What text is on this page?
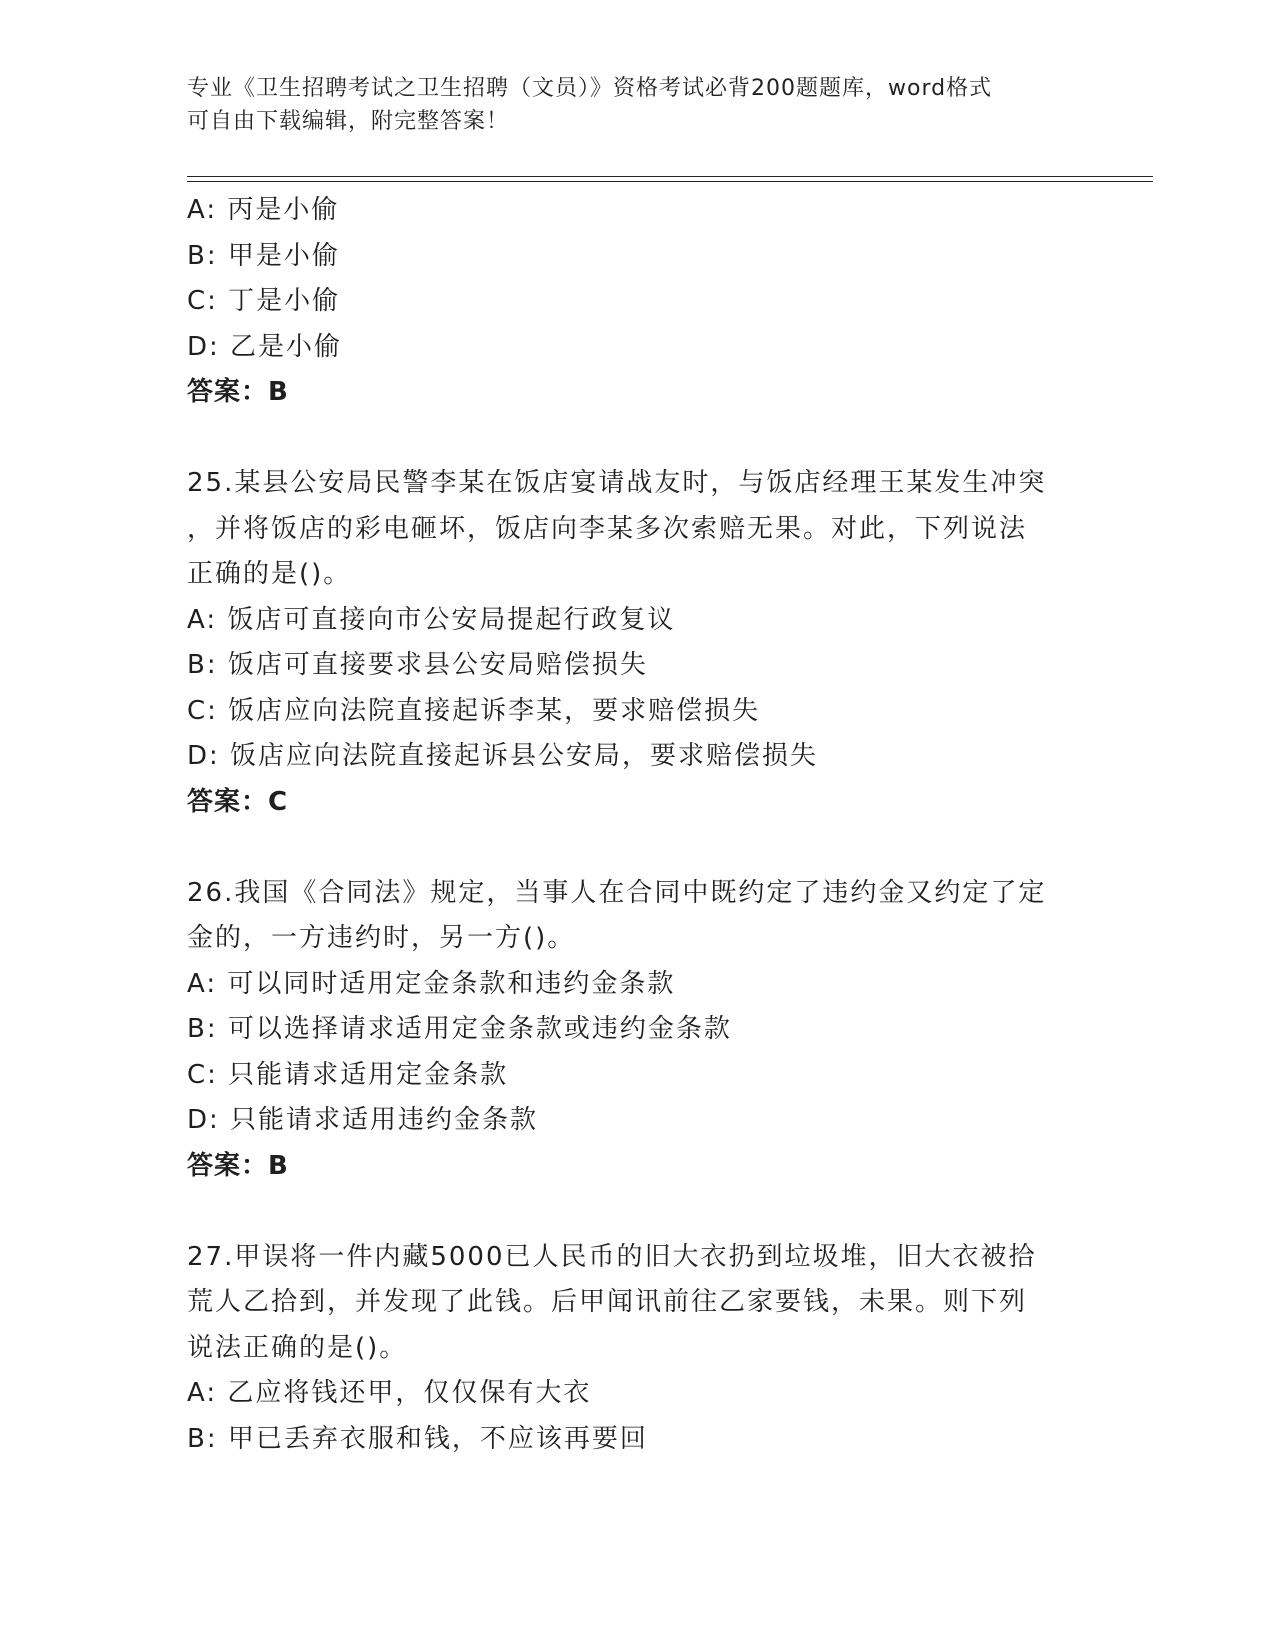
专业《卫生招聘考试之卫生招聘（文员）》资格考试必背200题题库，word格式
可自由下载编辑，附完整答案！
A: 丙是小偷
B: 甲是小偷
C: 丁是小偷
D: 乙是小偷
答案：B
25.某县公安局民警李某在饭店宴请战友时，与饭店经理王某发生冲突
，并将饭店的彩电砸坏，饭店向李某多次索赔无果。对此，下列说法
正确的是()。
A: 饭店可直接向市公安局提起行政复议
B: 饭店可直接要求县公安局赔偿损失
C: 饭店应向法院直接起诉李某，要求赔偿损失
D: 饭店应向法院直接起诉县公安局，要求赔偿损失
答案：C
26.我国《合同法》规定，当事人在合同中既约定了违约金又约定了定
金的，一方违约时，另一方()。
A: 可以同时适用定金条款和违约金条款
B: 可以选择请求适用定金条款或违约金条款
C: 只能请求适用定金条款
D: 只能请求适用违约金条款
答案：B
27.甲误将一件内藏5000已人民币的旧大衣扔到垃圾堆，旧大衣被拾
荒人乙拾到，并发现了此钱。后甲闻讯前往乙家要钱，未果。则下列
说法正确的是()。
A: 乙应将钱还甲，仅仅保有大衣
B: 甲已丢弃衣服和钱，不应该再要回
